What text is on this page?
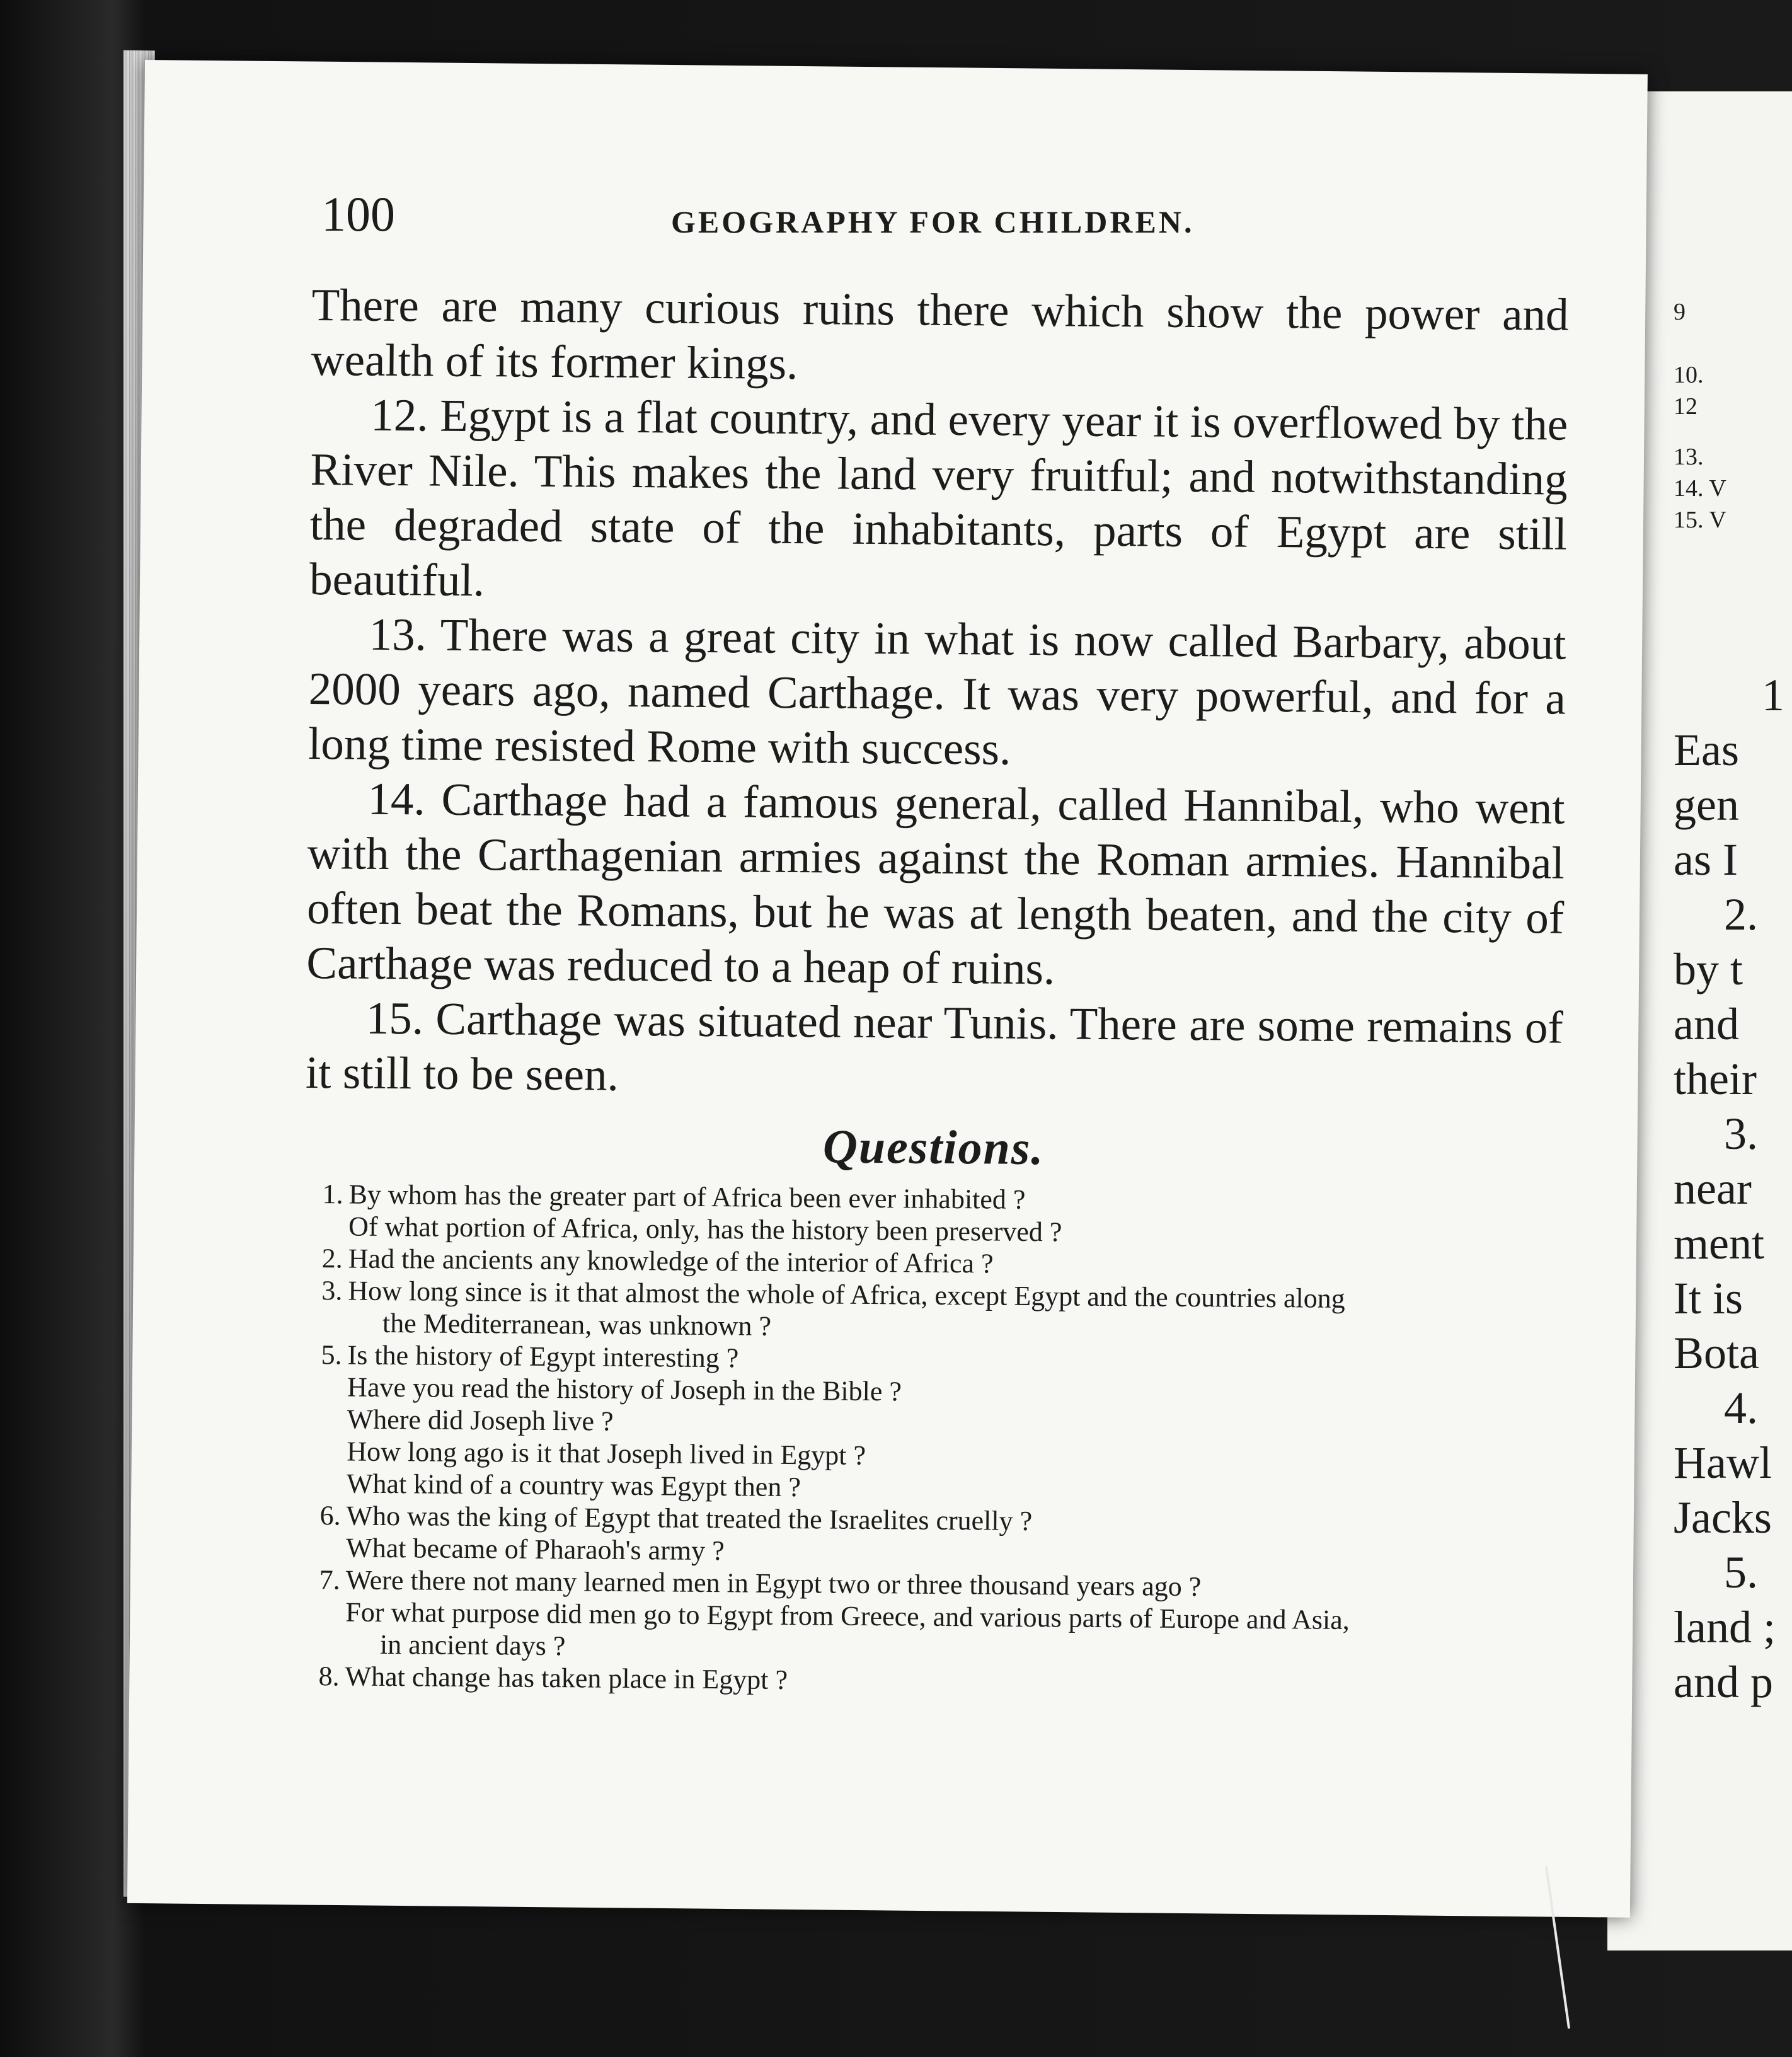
9
10.
12
13.
14. V
15. V
1
Eas
gen
as I
2.
by t
and
their
3.
near
ment
It is
Bota
4.
Hawl
Jacks
5.
land ;
and p
100	GEOGRAPHY FOR CHILDREN.

There are many curious ruins there which show the power and wealth of its former kings.

12. Egypt is a flat country, and every year it is overflowed by the River Nile. This makes the land very fruitful; and notwithstanding the degraded state of the inhabitants, parts of Egypt are still beautiful.

13. There was a great city in what is now called Barbary, about 2000 years ago, named Carthage. It was very powerful, and for a long time resisted Rome with success.

14. Carthage had a famous general, called Hannibal, who went with the Carthagenian armies against the Roman armies. Hannibal often beat the Romans, but he was at length beaten, and the city of Carthage was reduced to a heap of ruins.

15. Carthage was situated near Tunis. There are some remains of it still to be seen.

Questions.
1. By whom has the greater part of Africa been ever inhabited ?
Of what portion of Africa, only, has the history been preserved ?
2. Had the ancients any knowledge of the interior of Africa ?
3. How long since is it that almost the whole of Africa, except Egypt and the countries along
the Mediterranean, was unknown ?
5. Is the history of Egypt interesting ?
Have you read the history of Joseph in the Bible ?
Where did Joseph live ?
How long ago is it that Joseph lived in Egypt ?
What kind of a country was Egypt then ?
6. Who was the king of Egypt that treated the Israelites cruelly ?
What became of Pharaoh's army ?
7. Were there not many learned men in Egypt two or three thousand years ago ?
For what purpose did men go to Egypt from Greece, and various parts of Europe and Asia,
in ancient days ?
8. What change has taken place in Egypt ?
